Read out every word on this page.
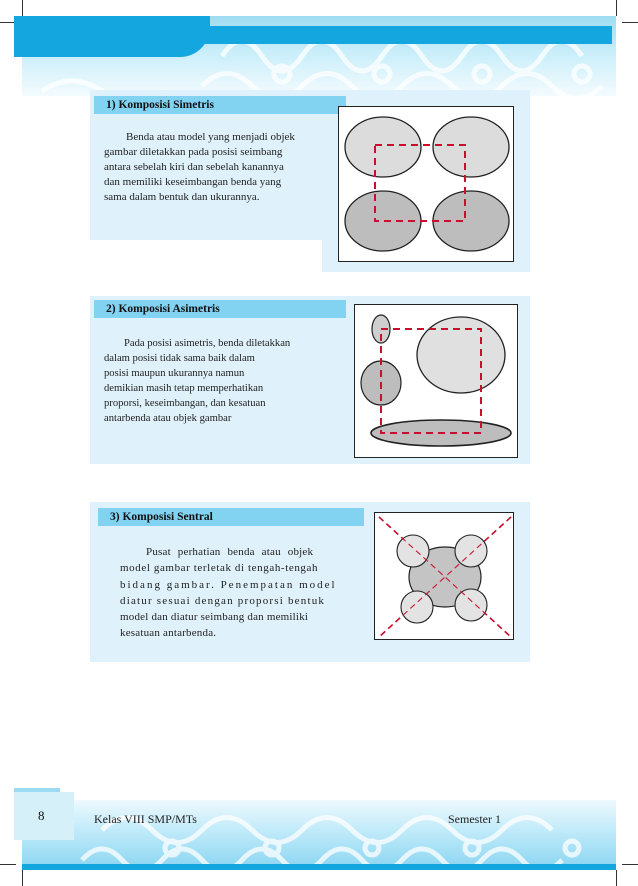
1) Komposisi Simetris
Benda atau model yang menjadi objek
gambar diletakkan pada posisi seimbang
antara sebelah kiri dan sebelah kanannya
dan memiliki keseimbangan benda yang
sama dalam bentuk dan ukurannya.
2) Komposisi Asimetris
Pada posisi asimetris, benda diletakkan
dalam posisi tidak sama baik dalam
posisi maupun ukurannya namun
demikian masih tetap memperhatikan
proporsi, keseimbangan, dan kesatuan
antarbenda atau objek gambar
3) Komposisi Sentral
Pusat perhatian benda atau objek
model gambar terletak di tengah-tengah
bidang gambar. Penempatan model
diatur sesuai dengan proporsi bentuk
model dan diatur seimbang dan memiliki
kesatuan antarbenda.
8	Kelas VIII SMP/MTs	Semester 1
